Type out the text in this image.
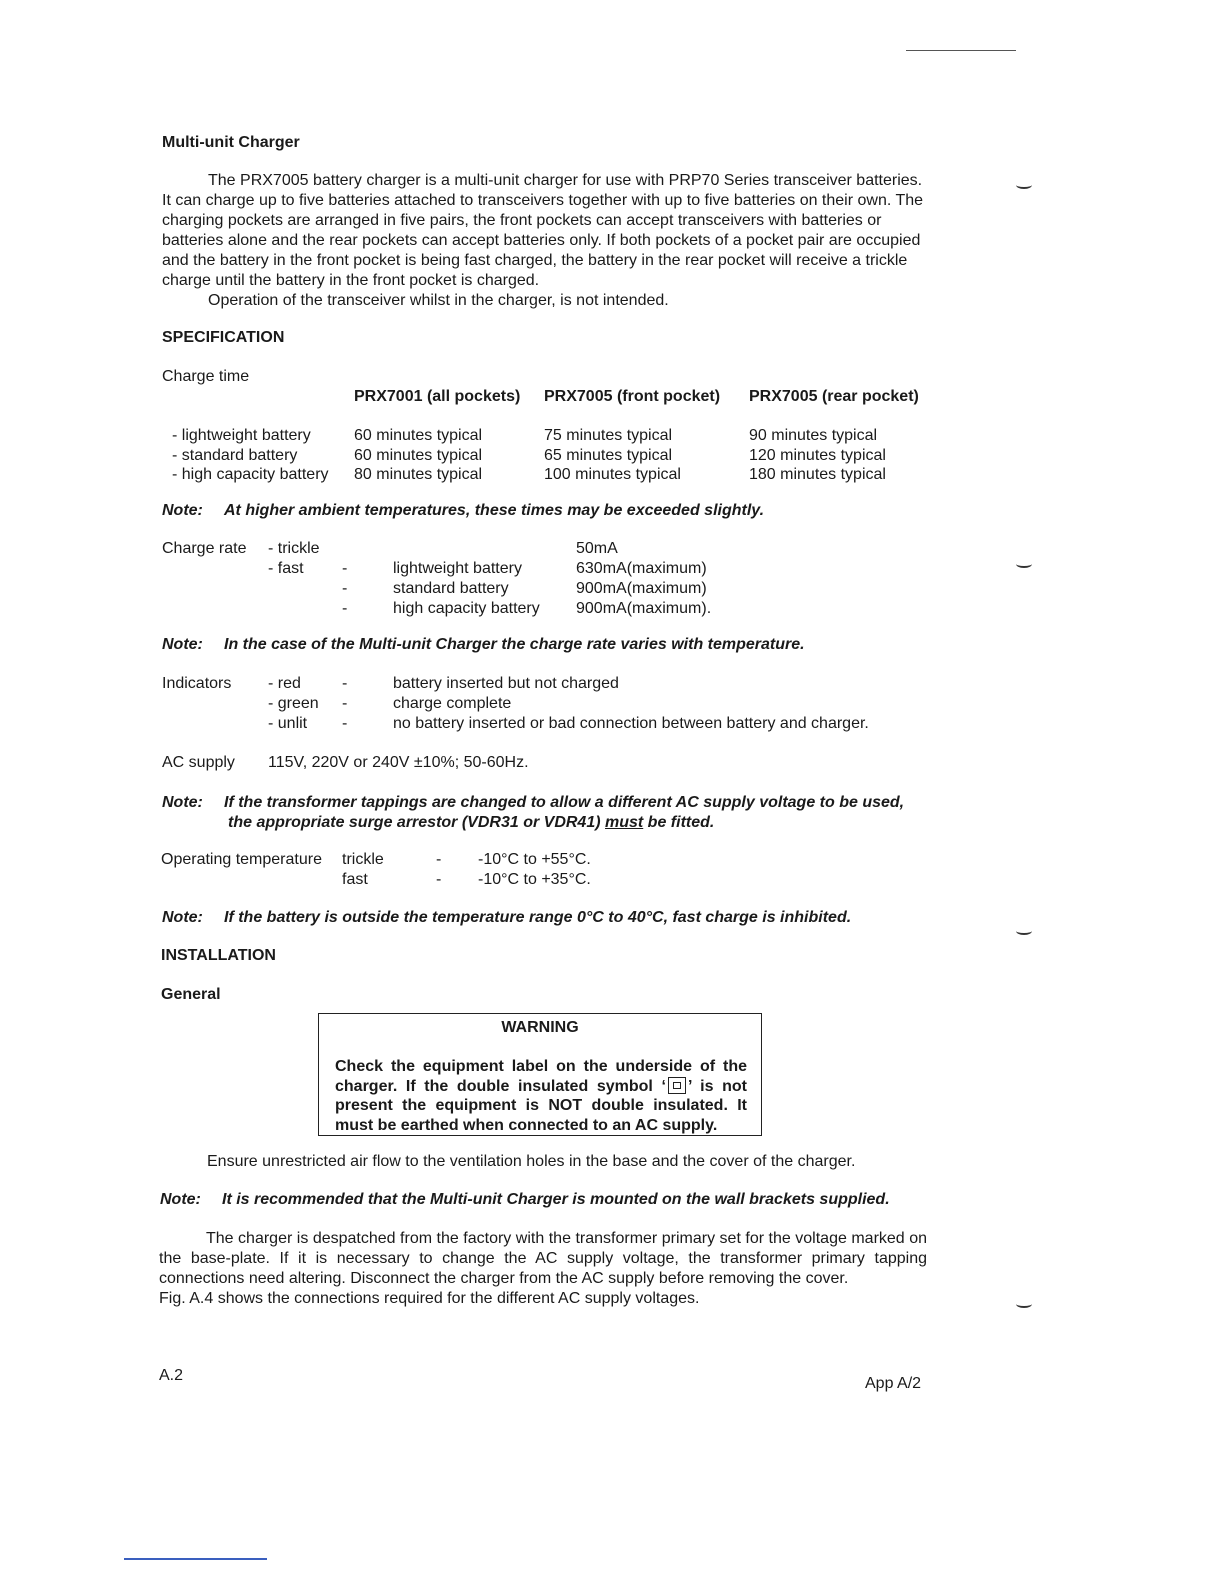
Multi-unit Charger

The PRX7005 battery charger is a multi-unit charger for use with PRP70 Series transceiver batteries. It can charge up to five batteries attached to transceivers together with up to five batteries on their own. The charging pockets are arranged in five pairs, the front pockets can accept transceivers with batteries or batteries alone and the rear pockets can accept batteries only. If both pockets of a pocket pair are occupied and the battery in the front pocket is being fast charged, the battery in the rear pocket will receive a trickle charge until the battery in the front pocket is charged.

Operation of the transceiver whilst in the charger, is not intended.

SPECIFICATION
Charge time
PRX7001 (all pockets) PRX7005 (front pocket) PRX7005 (rear pocket)
- lightweight battery	60 minutes typical	75 minutes typical	90 minutes typical
- standard battery	60 minutes typical	65 minutes typical	120 minutes typical
- high capacity battery 80 minutes typical	100 minutes typical	180 minutes typical
Note: At higher ambient temperatures, these times may be exceeded slightly.
Charge rate - trickle	50mA
- fast -	lightweight battery	630mA(maximum)
-	standard battery	900mA(maximum)
-	high capacity battery 900mA(maximum).
Note: In the case of the Multi-unit Charger the charge rate varies with temperature.
Indicators - red	-	battery inserted but not charged
- green -	charge complete
- unlit -	no battery inserted or bad connection between battery and charger.
AC supply 115V, 220V or 240V ±10%; 50-60Hz.
Note: If the transformer tappings are changed to allow a different AC supply voltage to be used,
the appropriate surge arrestor (VDR31 or VDR41) must be fitted.
Operating temperature trickle	- -10°C to +55°C.
fast	- -10°C to +35°C.
Note: If the battery is outside the temperature range 0°C to 40°C, fast charge is inhibited.
INSTALLATION
General
WARNING
Check the equipment label on the underside of the charger. If the double insulated symbol ‘ ’ is not present the equipment is NOT double insulated. It must be earthed when connected to an AC supply.
Ensure unrestricted air flow to the ventilation holes in the base and the cover of the charger.
Note: It is recommended that the Multi-unit Charger is mounted on the wall brackets supplied.

The charger is despatched from the factory with the transformer primary set for the voltage marked on the base-plate. If it is necessary to change the AC supply voltage, the transformer primary tapping connections need altering. Disconnect the charger from the AC supply before removing the cover.

Fig. A.4 shows the connections required for the different AC supply voltages.

A.2	App A/2
